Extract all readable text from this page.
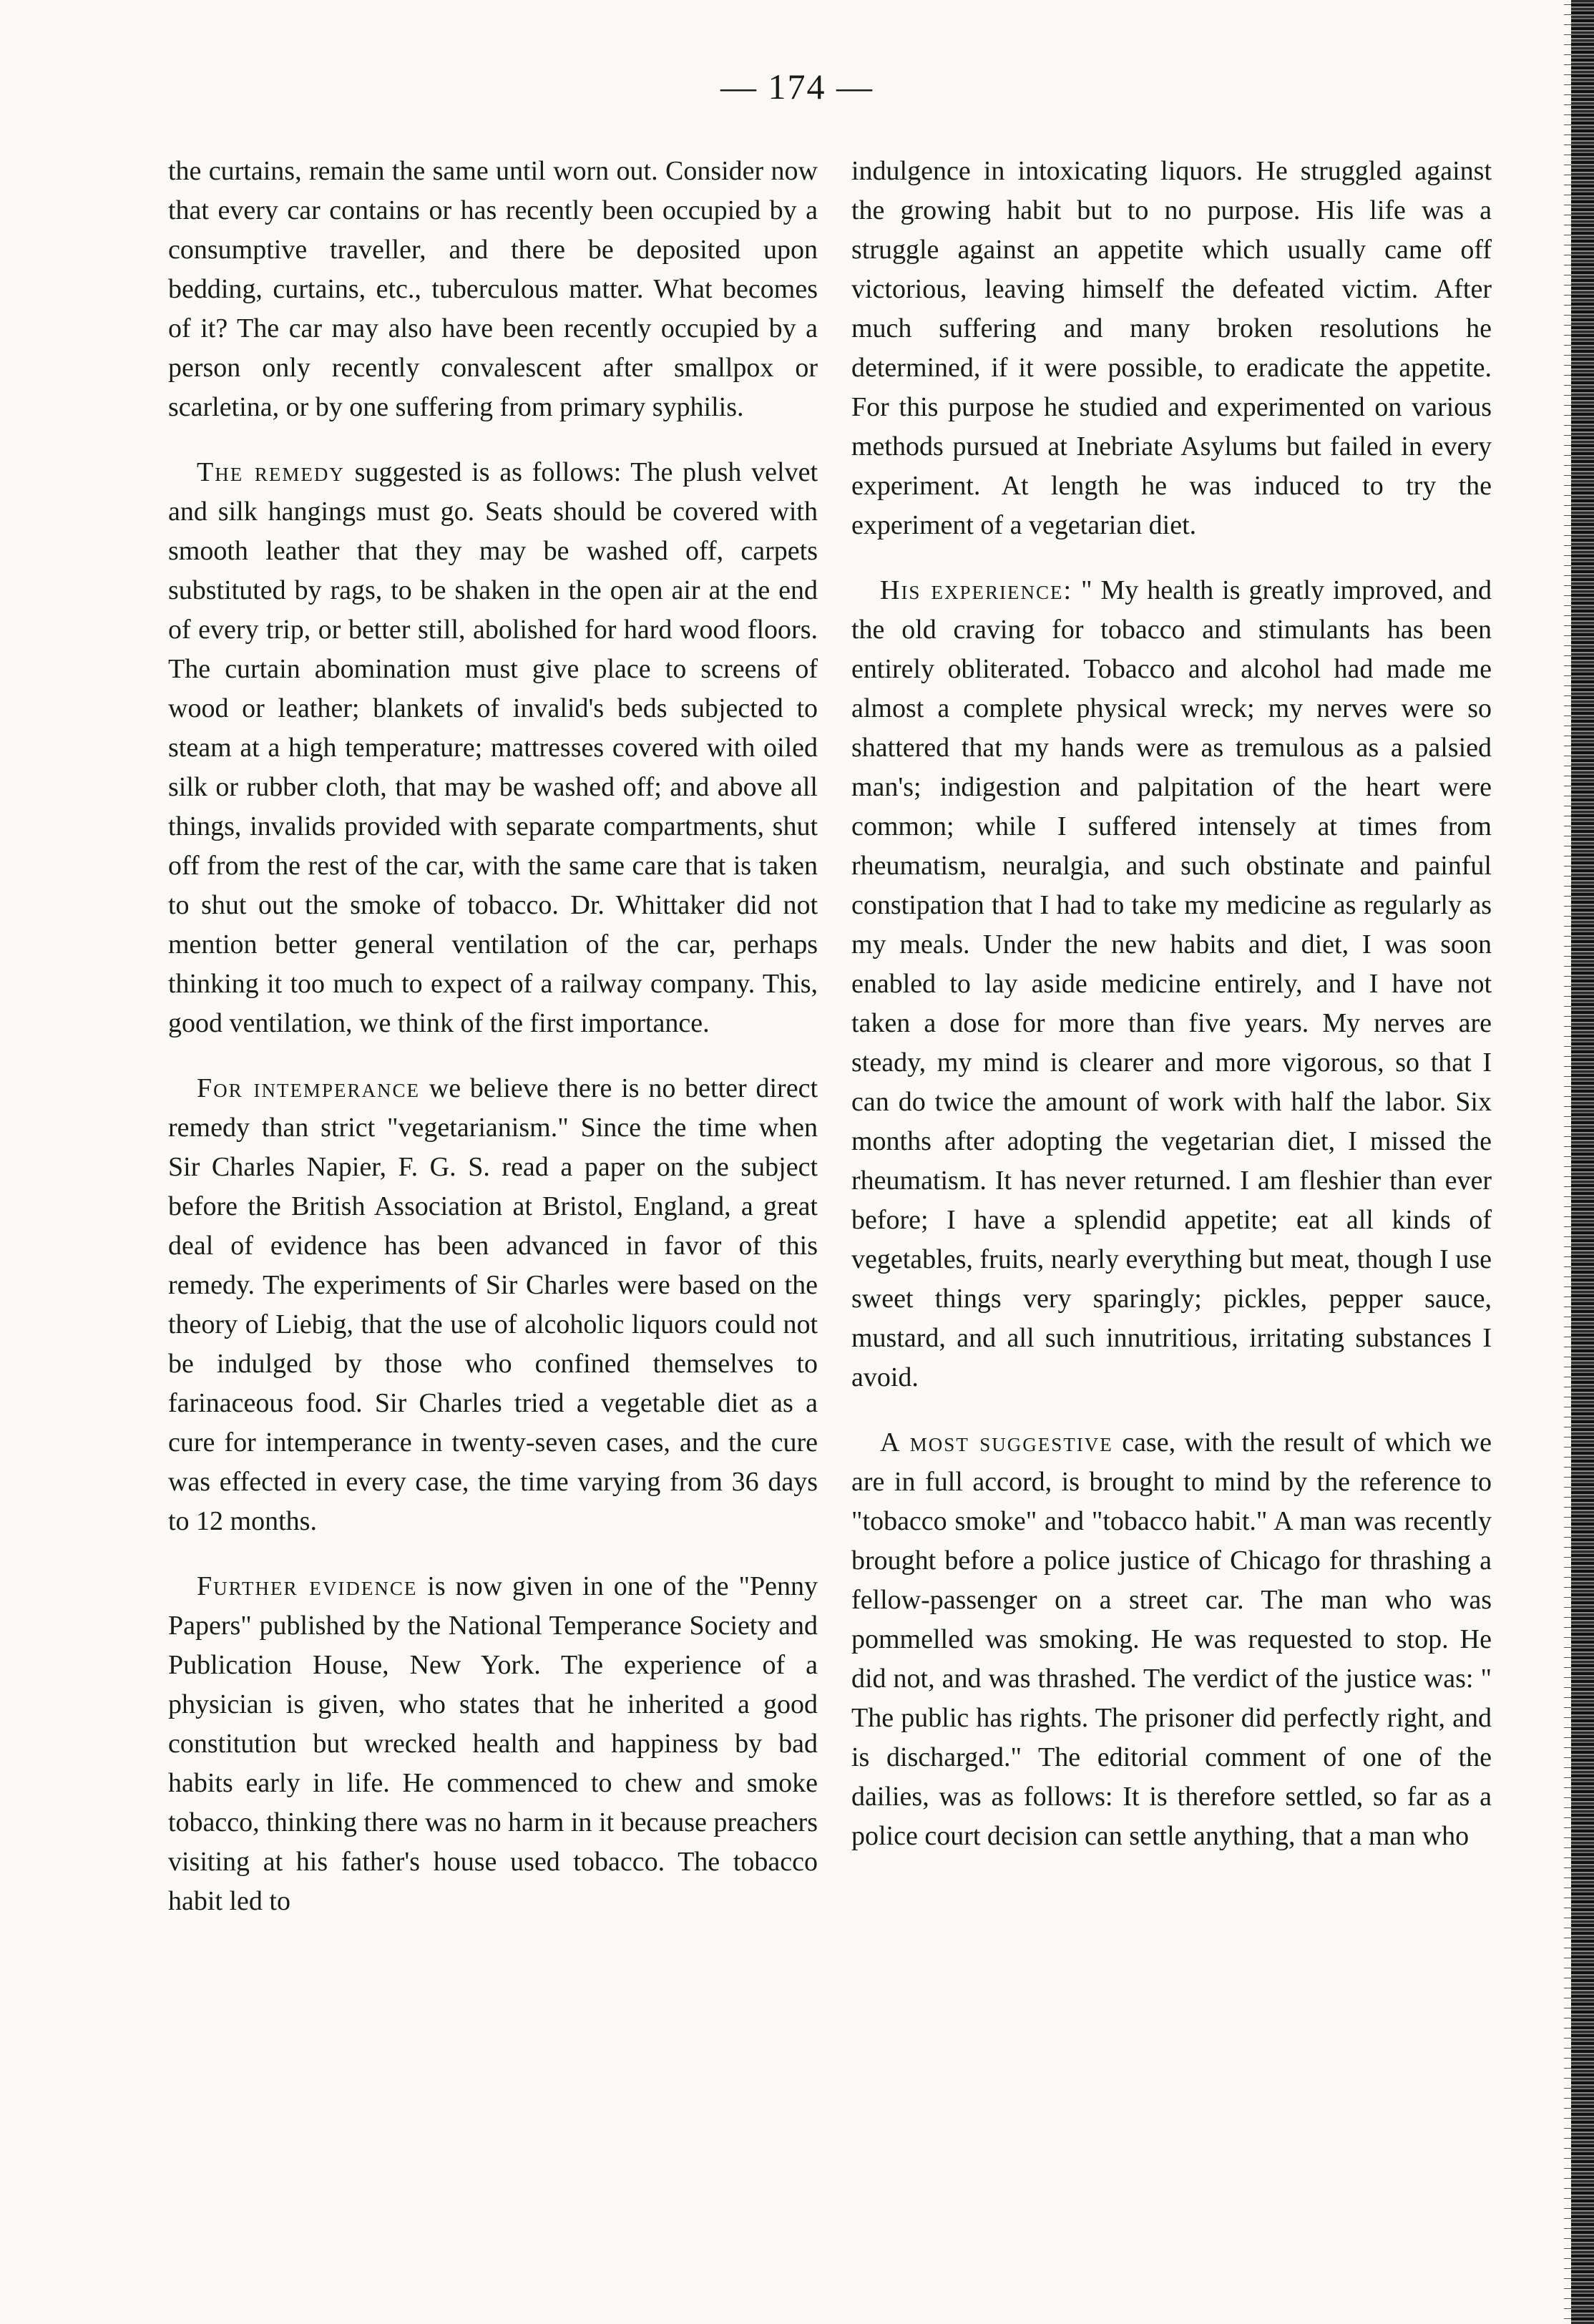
— 174 —

the curtains, remain the same until worn out. Consider now that every car contains or has recently been occupied by a consumptive traveller, and there be deposited upon bedding, curtains, etc., tuberculous matter. What becomes of it? The car may also have been recently occupied by a person only recently convalescent after smallpox or scarletina, or by one suffering from primary syphilis.

The remedy suggested is as follows: The plush velvet and silk hangings must go. Seats should be covered with smooth leather that they may be washed off, carpets substituted by rags, to be shaken in the open air at the end of every trip, or better still, abolished for hard wood floors. The curtain abomination must give place to screens of wood or leather; blankets of invalid's beds subjected to steam at a high temperature; mattresses covered with oiled silk or rubber cloth, that may be washed off; and above all things, invalids provided with separate compartments, shut off from the rest of the car, with the same care that is taken to shut out the smoke of tobacco. Dr. Whittaker did not mention better general ventilation of the car, perhaps thinking it too much to expect of a railway company. This, good ventilation, we think of the first importance.

For intemperance we believe there is no better direct remedy than strict "vegetarianism." Since the time when Sir Charles Napier, F. G. S. read a paper on the subject before the British Association at Bristol, England, a great deal of evidence has been advanced in favor of this remedy. The experiments of Sir Charles were based on the theory of Liebig, that the use of alcoholic liquors could not be indulged by those who confined themselves to farinaceous food. Sir Charles tried a vegetable diet as a cure for intemperance in twenty-seven cases, and the cure was effected in every case, the time varying from 36 days to 12 months.

Further evidence is now given in one of the "Penny Papers" published by the National Temperance Society and Publication House, New York. The experience of a physician is given, who states that he inherited a good constitution but wrecked health and happiness by bad habits early in life. He commenced to chew and smoke tobacco, thinking there was no harm in it because preachers visiting at his father's house used tobacco. The tobacco habit led to

indulgence in intoxicating liquors. He struggled against the growing habit but to no purpose. His life was a struggle against an appetite which usually came off victorious, leaving himself the defeated victim. After much suffering and many broken resolutions he determined, if it were possible, to eradicate the appetite. For this purpose he studied and experimented on various methods pursued at Inebriate Asylums but failed in every experiment. At length he was induced to try the experiment of a vegetarian diet.

His experience: " My health is greatly improved, and the old craving for tobacco and stimulants has been entirely obliterated. Tobacco and alcohol had made me almost a complete physical wreck; my nerves were so shattered that my hands were as tremulous as a palsied man's; indigestion and palpitation of the heart were common; while I suffered intensely at times from rheumatism, neuralgia, and such obstinate and painful constipation that I had to take my medicine as regularly as my meals. Under the new habits and diet, I was soon enabled to lay aside medicine entirely, and I have not taken a dose for more than five years. My nerves are steady, my mind is clearer and more vigorous, so that I can do twice the amount of work with half the labor. Six months after adopting the vegetarian diet, I missed the rheumatism. It has never returned. I am fleshier than ever before; I have a splendid appetite; eat all kinds of vegetables, fruits, nearly everything but meat, though I use sweet things very sparingly; pickles, pepper sauce, mustard, and all such innutritious, irritating substances I avoid.

A most suggestive case, with the result of which we are in full accord, is brought to mind by the reference to "tobacco smoke" and "tobacco habit." A man was recently brought before a police justice of Chicago for thrashing a fellow-passenger on a street car. The man who was pommelled was smoking. He was requested to stop. He did not, and was thrashed. The verdict of the justice was: " The public has rights. The prisoner did perfectly right, and is discharged." The editorial comment of one of the dailies, was as follows: It is therefore settled, so far as a police court decision can settle anything, that a man who
